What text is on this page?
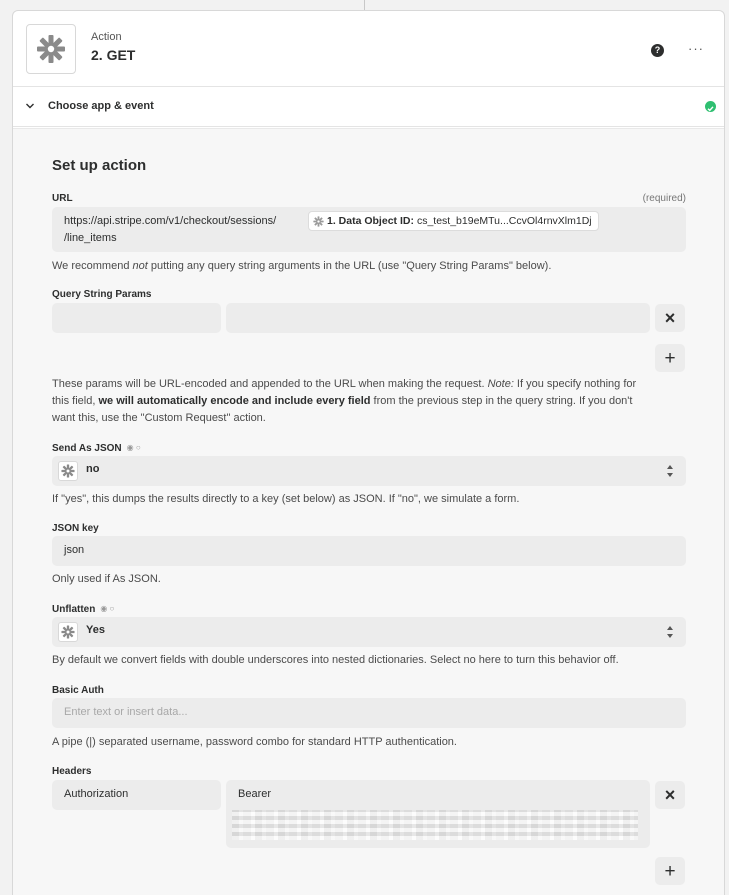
Action
2. GET	? ···
Choose app & event
Set up action
URL	(required)
https://api.stripe.com/v1/checkout/sessions/	1. Data Object ID: cs_test_b19eMTu...CcvOl4rnvXlm1Dj
/line_items
We recommend not putting any query string arguments in the URL (use "Query String Params" below).
Query String Params
×
+
These params will be URL-encoded and appended to the URL when making the request. Note: If you specify nothing for
this field, we will automatically encode and include every field from the previous step in the query string. If you don't
want this, use the "Custom Request" action.
Send As JSON ◉ ○
no
If "yes", this dumps the results directly to a key (set below) as JSON. If "no", we simulate a form.
JSON key
json
Only used if As JSON.
Unflatten ◉ ○
Yes
By default we convert fields with double underscores into nested dictionaries. Select no here to turn this behavior off.
Basic Auth
Enter text or insert data...
A pipe (|) separated username, password combo for standard HTTP authentication.
Headers
Authorization	Bearer	×
+
